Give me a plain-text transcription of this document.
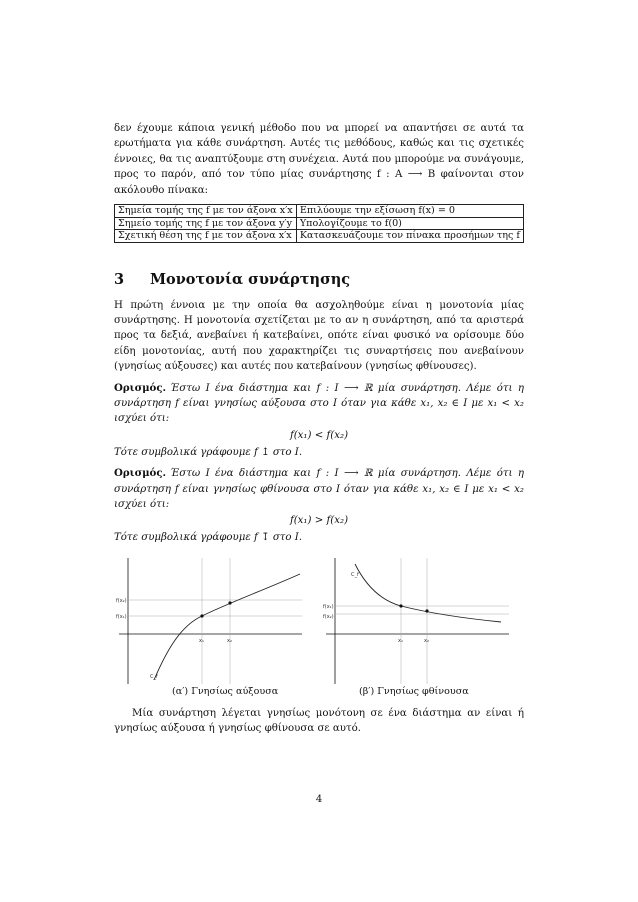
δεν έχουμε κάποια γενική μέθοδο που να μπορεί να απαντήσει σε αυτά τα ερωτήματα για κάθε συνάρτηση. Αυτές τις μεθόδους, καθώς και τις σχετικές έννοιες, θα τις αναπτύξουμε στη συνέχεια. Αυτά που μπορούμε να συνάγουμε, προς το παρόν, από τον τύπο μίας συνάρτησης f : A ⟶ B φαίνονται στον ακόλουθο πίνακα:

Σημεία τομής της f με τον άξονα x′x	Επιλύουμε την εξίσωση f(x) = 0
Σημείο τομής της f με τον άξονα y′y	Υπολογίζουμε το f(0)
Σχετική θέση της f με τον άξονα x′x	Κατασκευάζουμε τον πίνακα προσήμων της f
3	Μονοτονία συνάρτησης

Η πρώτη έννοια με την οποία θα ασχοληθούμε είναι η μονοτονία μίας συνάρτησης. Η μονοτονία σχετίζεται με το αν η συνάρτηση, από τα αριστερά προς τα δεξιά, ανεβαίνει ή κατεβαίνει, οπότε είναι φυσικό να ορίσουμε δύο είδη μονοτονίας, αυτή που χαρακτηρίζει τις συναρτήσεις που ανεβαίνουν (γνησίως αύξουσες) και αυτές που κατεβαίνουν (γνησίως φθίνουσες).

Ορισμός. Έστω I ένα διάστημα και f : I ⟶ ℝ μία συνάρτηση. Λέμε ότι η συνάρτηση f είναι γνησίως αύξουσα στο I όταν για κάθε x₁, x₂ ∈ I με x₁ < x₂ ισχύει ότι:

f(x₁) < f(x₂)

Τότε συμβολικά γράφουμε f ↥ στο I.

Ορισμός. Έστω I ένα διάστημα και f : I ⟶ ℝ μία συνάρτηση. Λέμε ότι η συνάρτηση f είναι γνησίως φθίνουσα στο I όταν για κάθε x₁, x₂ ∈ I με x₁ < x₂ ισχύει ότι:

f(x₁) > f(x₂)

Τότε συμβολικά γράφουμε f ↧ στο I.

f(x₁)
f(x₂)
x₁	x₂
C_f
(α′) Γνησίως αύξουσα
f(x₁)
f(x₂)
x₁	x₂
C_f
(β′) Γνησίως φθίνουσα

Μία συνάρτηση λέγεται γνησίως μονότονη σε ένα διάστημα αν είναι ή γνησίως αύξουσα ή γνησίως φθίνουσα σε αυτό.

4
